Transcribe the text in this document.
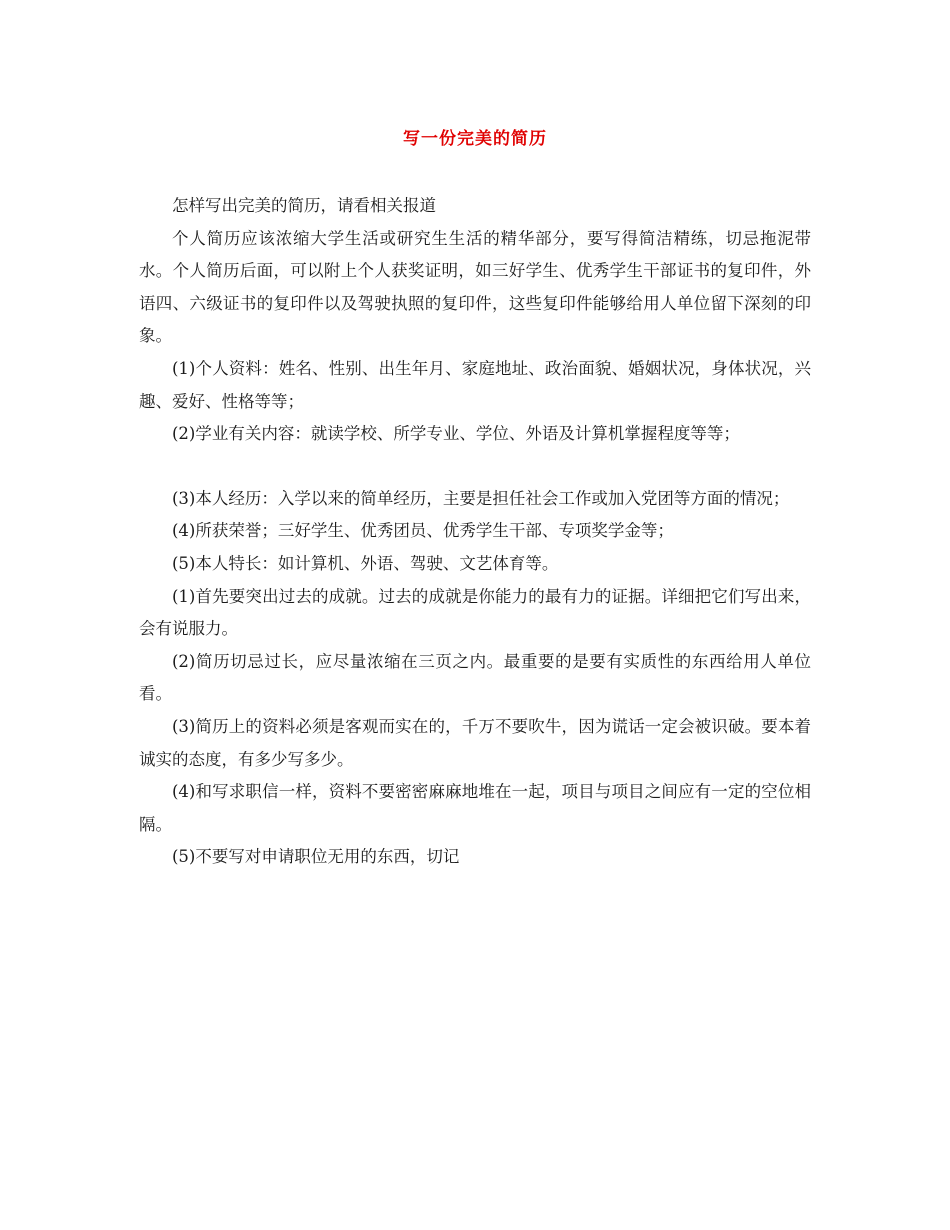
写一份完美的简历

怎样写出完美的简历，请看相关报道

个人简历应该浓缩大学生活或研究生生活的精华部分，要写得简洁精练，切忌拖泥带水。个人简历后面，可以附上个人获奖证明，如三好学生、优秀学生干部证书的复印件，外语四、六级证书的复印件以及驾驶执照的复印件，这些复印件能够给用人单位留下深刻的印象。

(1)个人资料：姓名、性别、出生年月、家庭地址、政治面貌、婚姻状况，身体状况，兴趣、爱好、性格等等；

(2)学业有关内容：就读学校、所学专业、学位、外语及计算机掌握程度等等；

(3)本人经历：入学以来的简单经历，主要是担任社会工作或加入党团等方面的情况；

(4)所获荣誉；三好学生、优秀团员、优秀学生干部、专项奖学金等；

(5)本人特长：如计算机、外语、驾驶、文艺体育等。

(1)首先要突出过去的成就。过去的成就是你能力的最有力的证据。详细把它们写出来，会有说服力。

(2)简历切忌过长，应尽量浓缩在三页之内。最重要的是要有实质性的东西给用人单位看。

(3)简历上的资料必须是客观而实在的，千万不要吹牛，因为谎话一定会被识破。要本着诚实的态度，有多少写多少。

(4)和写求职信一样，资料不要密密麻麻地堆在一起，项目与项目之间应有一定的空位相隔。

(5)不要写对申请职位无用的东西，切记
